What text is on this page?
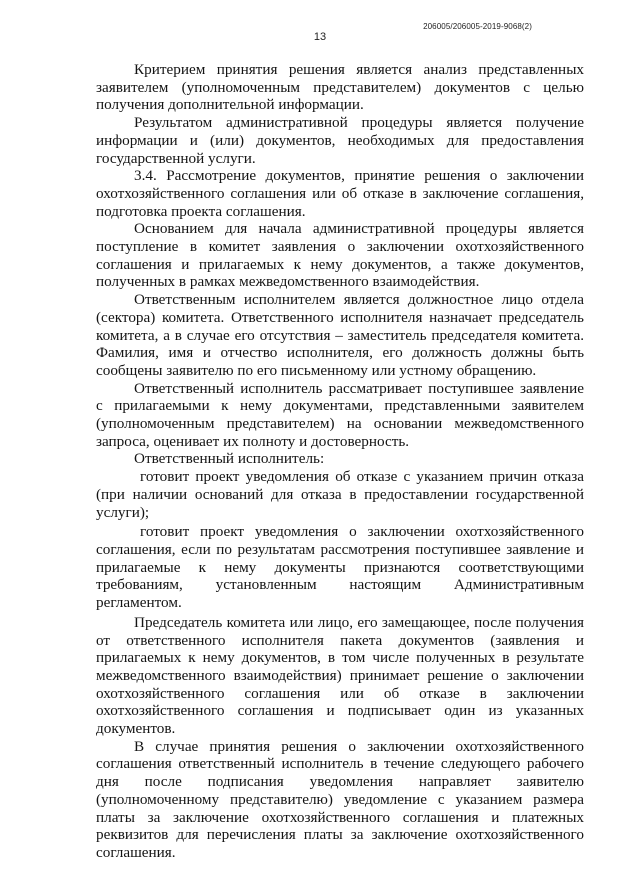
206005/206005-2019-9068(2)
13

Критерием принятия решения является анализ представленных заявителем (уполномоченным представителем) документов с целью получения дополнительной информации.

Результатом административной процедуры является получение информации и (или) документов, необходимых для предоставления государственной услуги.

3.4. Рассмотрение документов, принятие решения о заключении охотхозяйственного соглашения или об отказе в заключение соглашения, подготовка проекта соглашения.

Основанием для начала административной процедуры является поступление в комитет заявления о заключении охотхозяйственного соглашения и прилагаемых к нему документов, а также документов, полученных в рамках межведомственного взаимодействия.

Ответственным исполнителем является должностное лицо отдела (сектора) комитета. Ответственного исполнителя назначает председатель комитета, а в случае его отсутствия – заместитель председателя комитета. Фамилия, имя и отчество исполнителя, его должность должны быть сообщены заявителю по его письменному или устному обращению.

Ответственный исполнитель рассматривает поступившее заявление с прилагаемыми к нему документами, представленными заявителем (уполномоченным представителем) на основании межведомственного запроса, оценивает их полноту и достоверность.

Ответственный исполнитель:

готовит проект уведомления об отказе с указанием причин отказа (при наличии оснований для отказа в предоставлении государственной услуги);

готовит проект уведомления о заключении охотхозяйственного соглашения, если по результатам рассмотрения поступившее заявление и прилагаемые к нему документы признаются соответствующими требованиям, установленным настоящим Административным регламентом.

Председатель комитета или лицо, его замещающее, после получения от ответственного исполнителя пакета документов (заявления и прилагаемых к нему документов, в том числе полученных в результате межведомственного взаимодействия) принимает решение о заключении охотхозяйственного соглашения или об отказе в заключении охотхозяйственного соглашения и подписывает один из указанных документов.

В случае принятия решения о заключении охотхозяйственного соглашения ответственный исполнитель в течение следующего рабочего дня после подписания уведомления направляет заявителю (уполномоченному представителю) уведомление с указанием размера платы за заключение охотхозяйственного соглашения и платежных реквизитов для перечисления платы за заключение охотхозяйственного соглашения.
